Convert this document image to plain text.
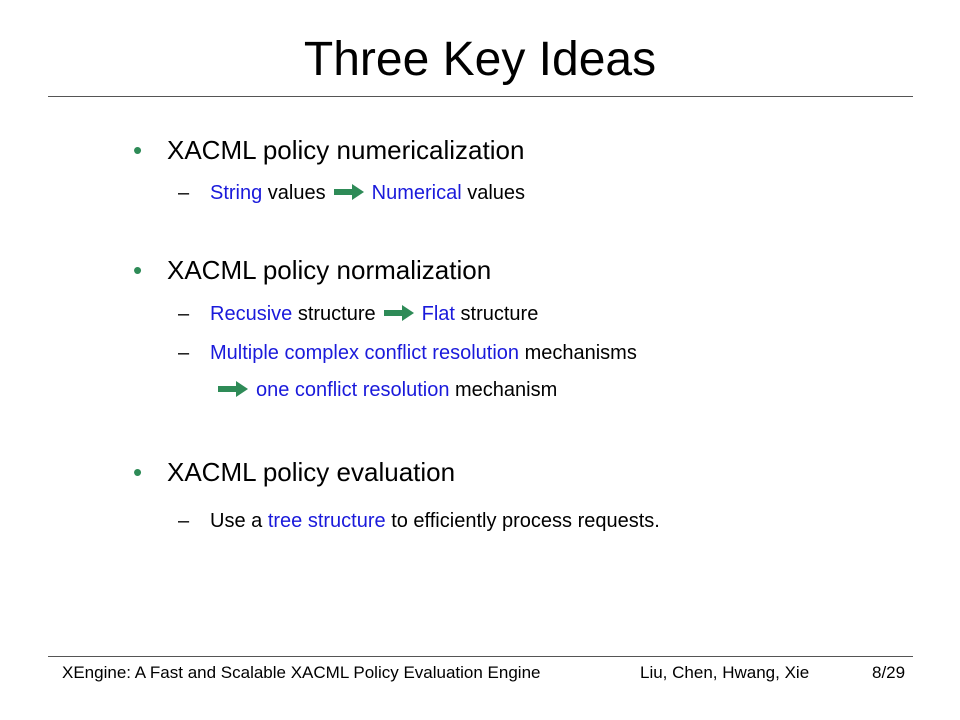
Three Key Ideas
• XACML policy numericalization
– String values Numerical values
• XACML policy normalization
– Recusive structure Flat structure
– Multiple complex conflict resolution mechanisms
one conflict resolution mechanism
• XACML policy evaluation
– Use a tree structure to efficiently process requests.
XEngine: A Fast and Scalable XACML Policy Evaluation Engine	Liu, Chen, Hwang, Xie	8/29
